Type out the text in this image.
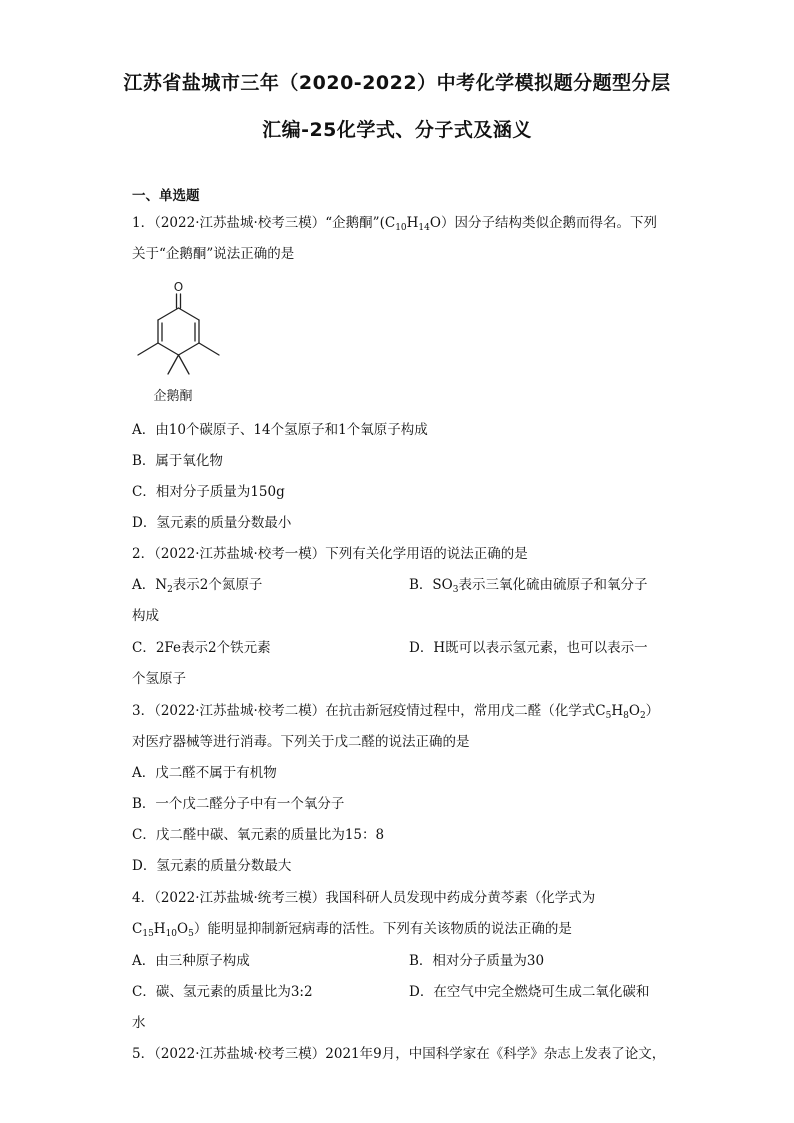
江苏省盐城市三年（2020-2022）中考化学模拟题分题型分层
汇编-25化学式、分子式及涵义
一、单选题
1．（2022·江苏盐城·校考三模）“企鹅酮$”(C_{10}H_{14}O)$因分子结构类似企鹅而得名。下列
关于“企鹅酮”说法正确的是
O
企鹅酮
A．由10个碳原子、14个氢原子和1个氧原子构成
B．属于氧化物
C．相对分子质量为150g
D．氢元素的质量分数最小
2．（2022·江苏盐城·校考一模）下列有关化学用语的说法正确的是
A．$N_2$表示2个氮原子	B．$SO_3$表示三氧化硫由硫原子和氧分子
构成
C．2Fe表示2个铁元素	D．H既可以表示氢元素，也可以表示一
个氢原子
3．（2022·江苏盐城·校考二模）在抗击新冠疫情过程中，常用戊二醛（化学式$C_5H_8O_2$）
对医疗器械等进行消毒。下列关于戊二醛的说法正确的是
A．戊二醛不属于有机物
B．一个戊二醛分子中有一个氧分子
C．戊二醛中碳、氧元素的质量比为15：8
D．氢元素的质量分数最大
4．（2022·江苏盐城·统考三模）我国科研人员发现中药成分黄芩素（化学式为
$C_{15}H_{10}O_5$）能明显抑制新冠病毒的活性。下列有关该物质的说法正确的是
A．由三种原子构成	B．相对分子质量为30
C．碳、氢元素的质量比为3:2	D．在空气中完全燃烧可生成二氧化碳和
水
5．（2022·江苏盐城·校考三模）2021年9月，中国科学家在《科学》杂志上发表了论文，
